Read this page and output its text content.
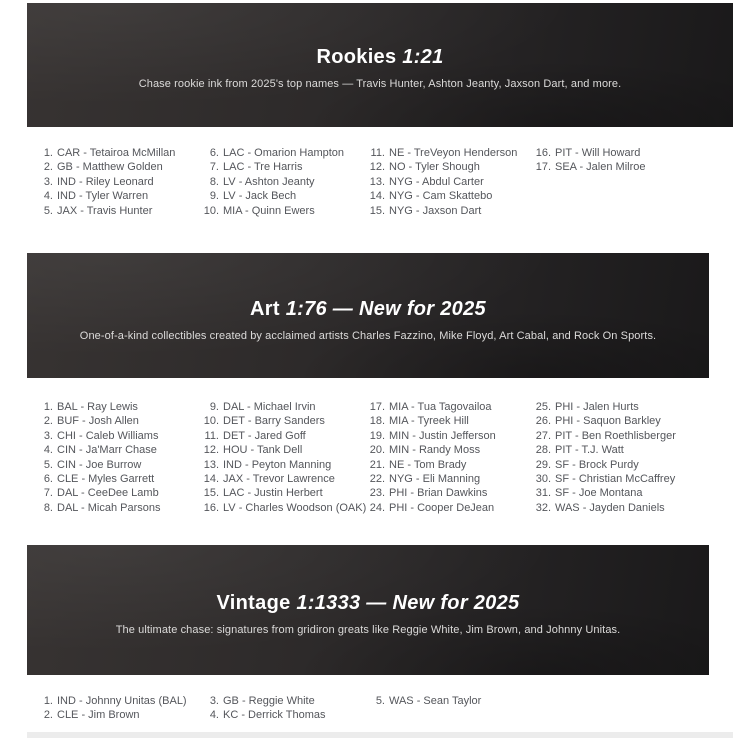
Rookies 1:21

Chase rookie ink from 2025's top names — Travis Hunter, Ashton Jeanty, Jaxson Dart, and more.

1. CAR - Tetairoa McMillan
2. GB - Matthew Golden
3. IND - Riley Leonard
4. IND - Tyler Warren
5. JAX - Travis Hunter
6. LAC - Omarion Hampton
7. LAC - Tre Harris
8. LV - Ashton Jeanty
9. LV - Jack Bech
10. MIA - Quinn Ewers
11. NE - TreVeyon Henderson
12. NO - Tyler Shough
13. NYG - Abdul Carter
14. NYG - Cam Skattebo
15. NYG - Jaxson Dart
16. PIT - Will Howard
17. SEA - Jalen Milroe
Art 1:76 — New for 2025

One-of-a-kind collectibles created by acclaimed artists Charles Fazzino, Mike Floyd, Art Cabal, and Rock On Sports.

1. BAL - Ray Lewis
2. BUF - Josh Allen
3. CHI - Caleb Williams
4. CIN - Ja'Marr Chase
5. CIN - Joe Burrow
6. CLE - Myles Garrett
7. DAL - CeeDee Lamb
8. DAL - Micah Parsons
9. DAL - Michael Irvin
10. DET - Barry Sanders
11. DET - Jared Goff
12. HOU - Tank Dell
13. IND - Peyton Manning
14. JAX - Trevor Lawrence
15. LAC - Justin Herbert
16. LV - Charles Woodson (OAK)
17. MIA - Tua Tagovailoa
18. MIA - Tyreek Hill
19. MIN - Justin Jefferson
20. MIN - Randy Moss
21. NE - Tom Brady
22. NYG - Eli Manning
23. PHI - Brian Dawkins
24. PHI - Cooper DeJean
25. PHI - Jalen Hurts
26. PHI - Saquon Barkley
27. PIT - Ben Roethlisberger
28. PIT - T.J. Watt
29. SF - Brock Purdy
30. SF - Christian McCaffrey
31. SF - Joe Montana
32. WAS - Jayden Daniels
Vintage 1:1333 — New for 2025

The ultimate chase: signatures from gridiron greats like Reggie White, Jim Brown, and Johnny Unitas.

1. IND - Johnny Unitas (BAL)
2. CLE - Jim Brown
3. GB - Reggie White
4. KC - Derrick Thomas
5. WAS - Sean Taylor
